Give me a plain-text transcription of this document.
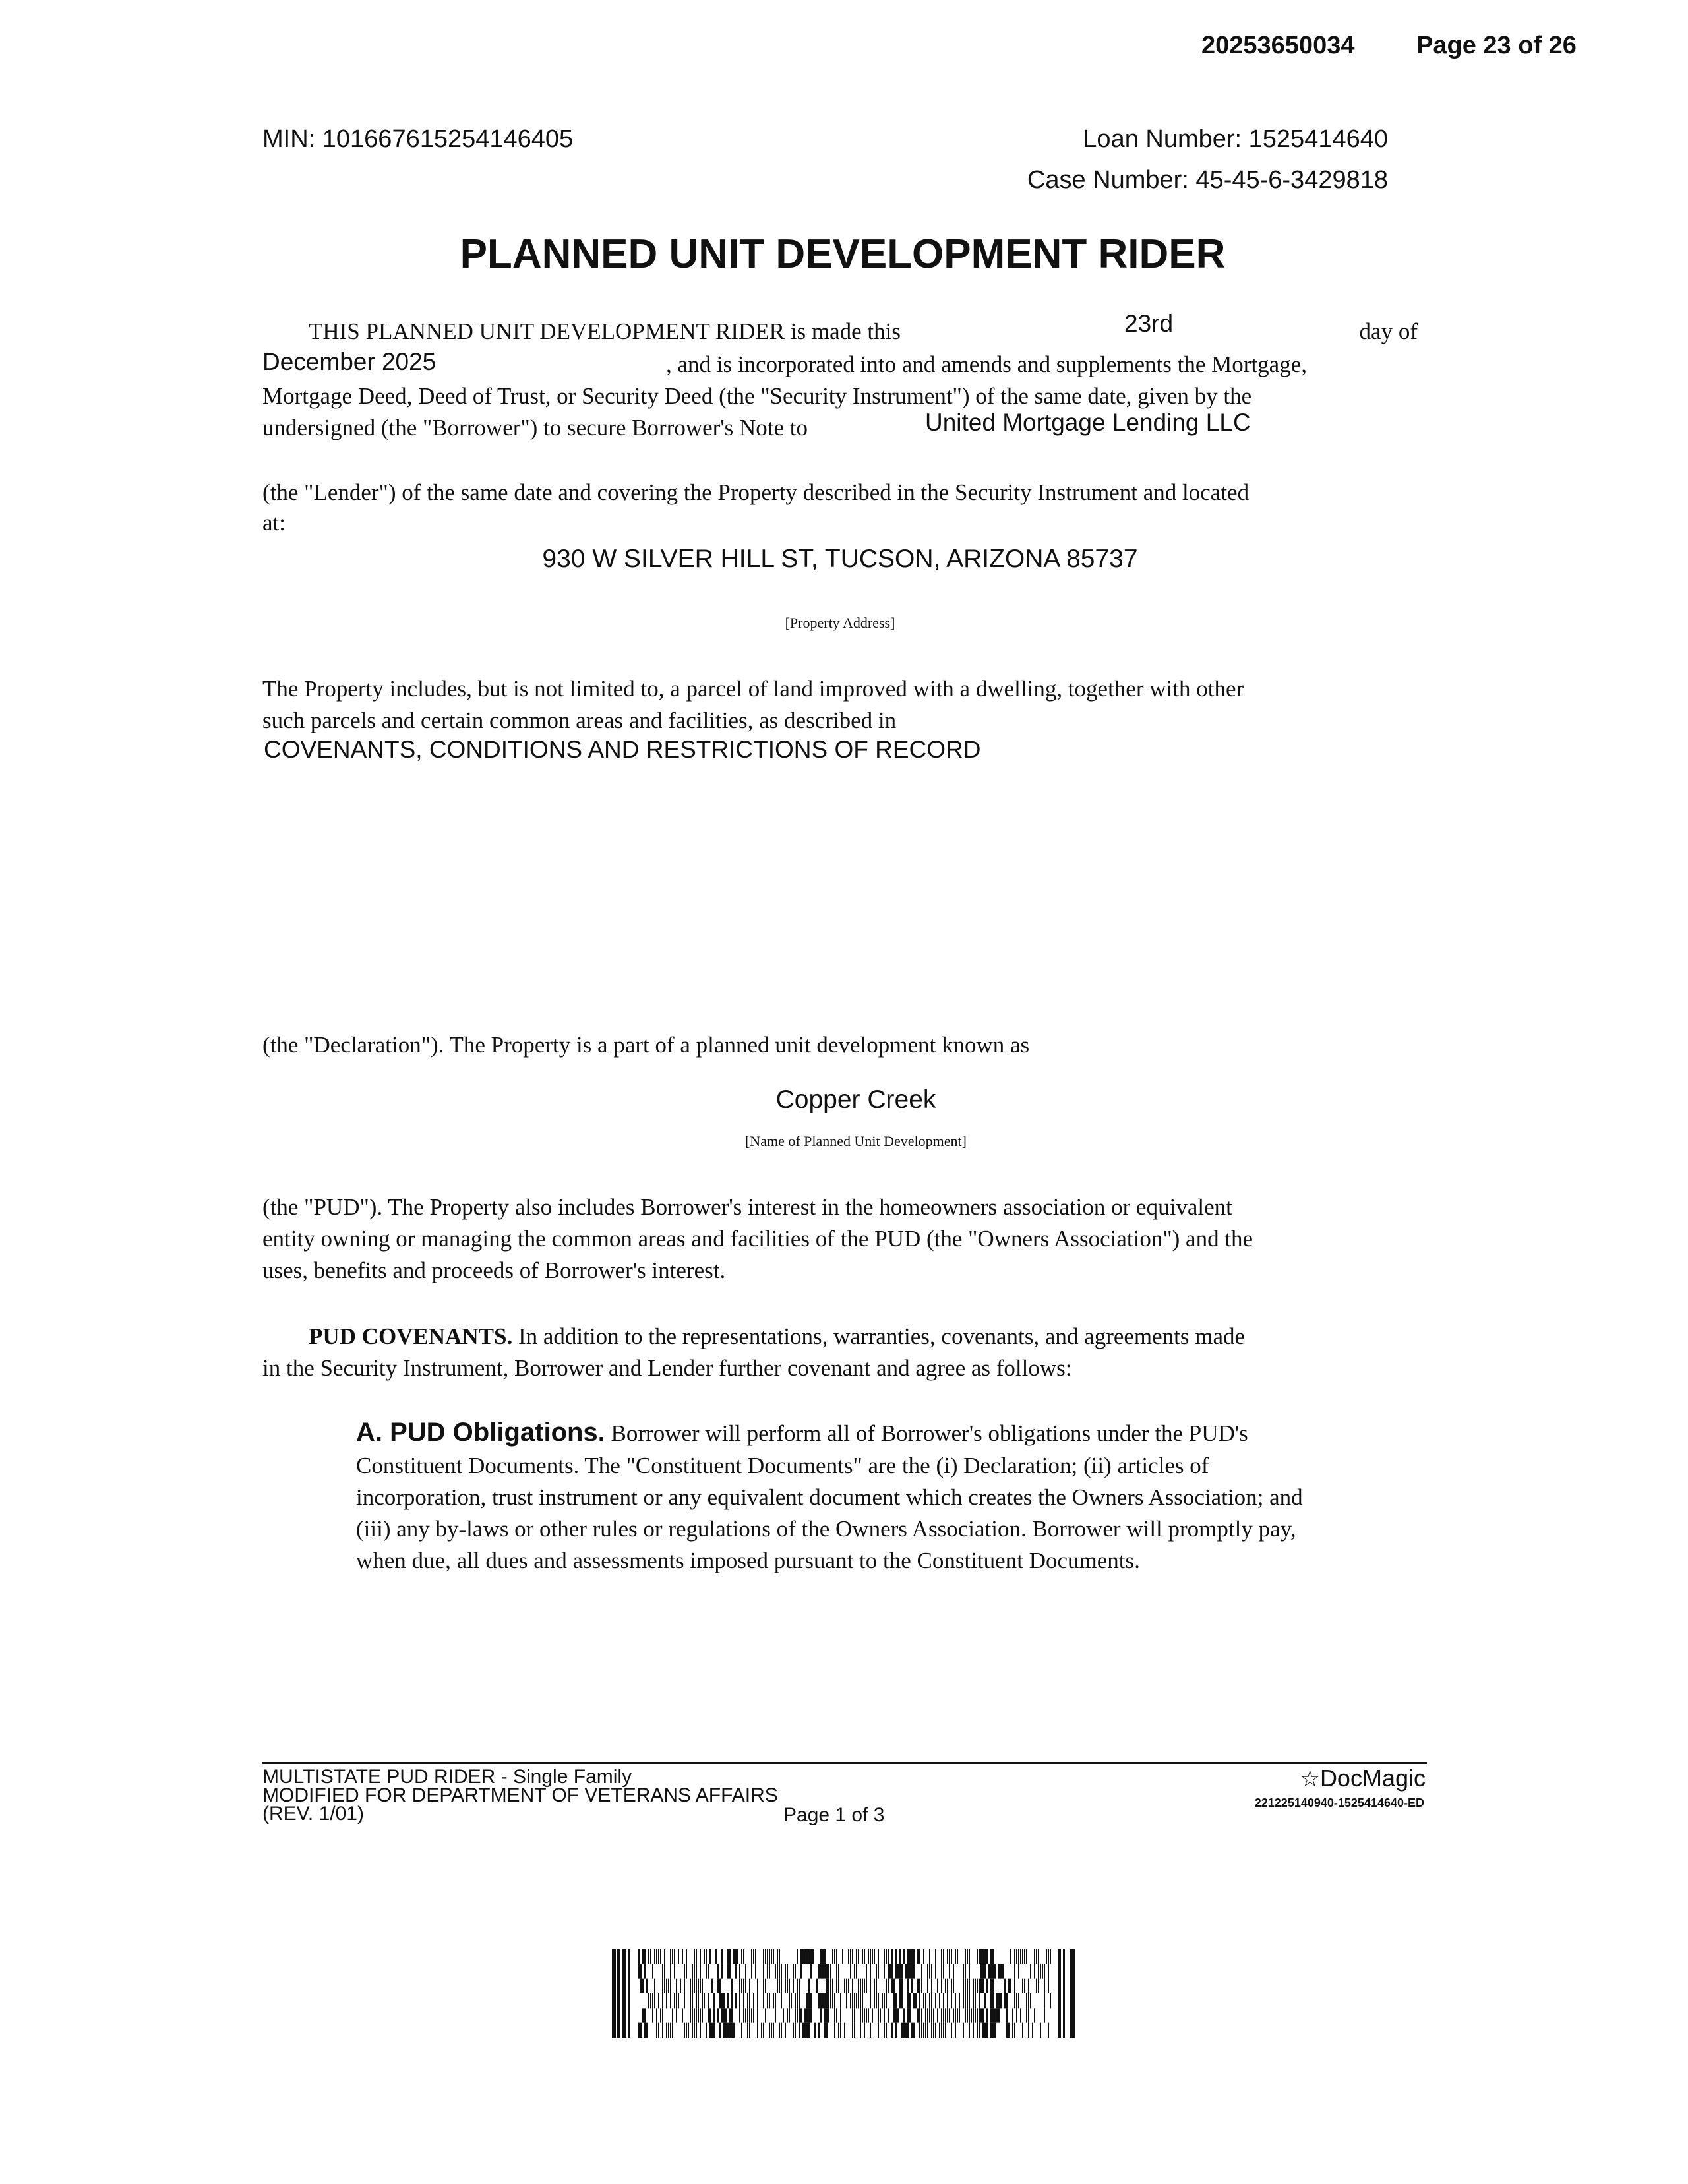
20253650034 Page 23 of 26
MIN: 101667615254146405	Loan Number: 1525414640
Case Number: 45-45-6-3429818
PLANNED UNIT DEVELOPMENT RIDER
THIS PLANNED UNIT DEVELOPMENT RIDER is made this	23rd	day of
December 2025	, and is incorporated into and amends and supplements the Mortgage,
Mortgage Deed, Deed of Trust, or Security Deed (the "Security Instrument") of the same date, given by the
undersigned (the "Borrower") to secure Borrower's Note to	United Mortgage Lending LLC
(the "Lender") of the same date and covering the Property described in the Security Instrument and located
at:
930 W SILVER HILL ST, TUCSON, ARIZONA 85737
[Property Address]
The Property includes, but is not limited to, a parcel of land improved with a dwelling, together with other
such parcels and certain common areas and facilities, as described in
COVENANTS, CONDITIONS AND RESTRICTIONS OF RECORD
(the "Declaration"). The Property is a part of a planned unit development known as
Copper Creek
[Name of Planned Unit Development]
(the "PUD"). The Property also includes Borrower's interest in the homeowners association or equivalent
entity owning or managing the common areas and facilities of the PUD (the "Owners Association") and the
uses, benefits and proceeds of Borrower's interest.
PUD COVENANTS. In addition to the representations, warranties, covenants, and agreements made
in the Security Instrument, Borrower and Lender further covenant and agree as follows:
A. PUD Obligations. Borrower will perform all of Borrower's obligations under the PUD's
Constituent Documents. The "Constituent Documents" are the (i) Declaration; (ii) articles of
incorporation, trust instrument or any equivalent document which creates the Owners Association; and
(iii) any by-laws or other rules or regulations of the Owners Association. Borrower will promptly pay,
when due, all dues and assessments imposed pursuant to the Constituent Documents.
MULTISTATE PUD RIDER - Single Family
MODIFIED FOR DEPARTMENT OF VETERANS AFFAIRS
(REV. 1/01)	Page 1 of 3
☆DocMagic
221225140940-1525414640-ED
